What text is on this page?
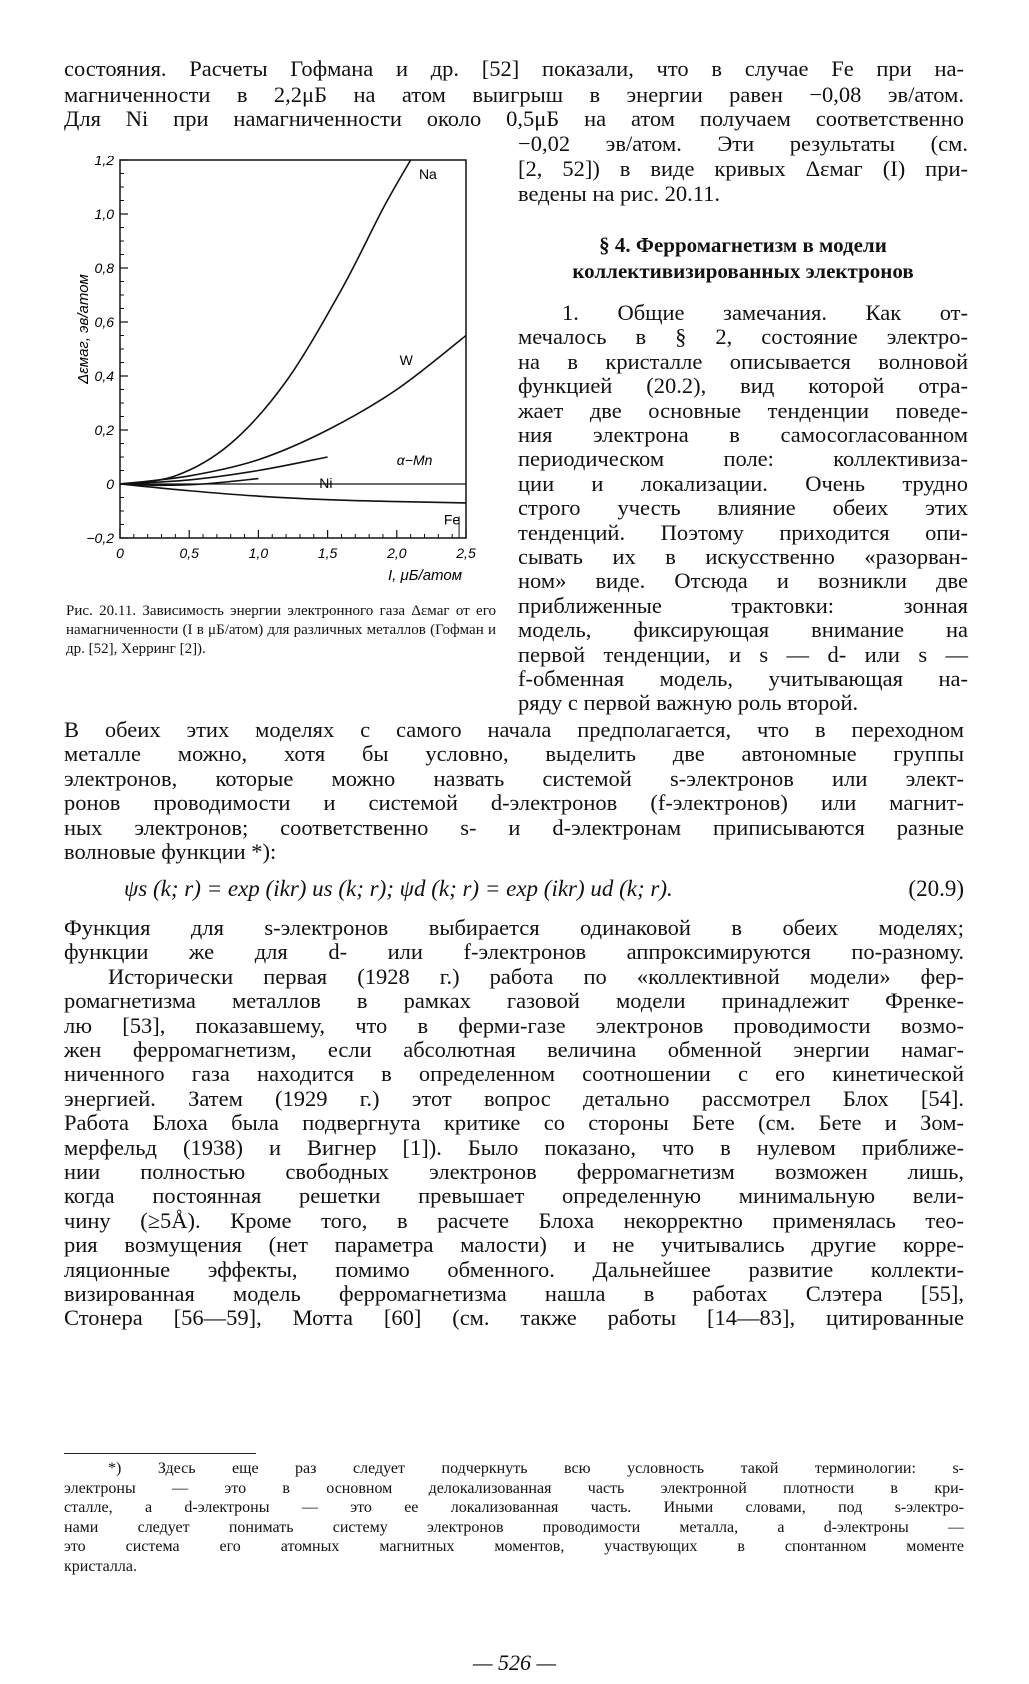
состояния. Расчеты Гофмана и др. [52] показали, что в случае Fe при на-
магниченности в 2,2μБ на атом выигрыш в энергии равен −0,08 эв/атом.
Для Ni при намагниченности около 0,5μБ на атом получаем соответственно
−0,02 эв/атом. Эти результаты (см.
[2, 52]) в виде кривых Δεмаг (I) при-
ведены на рис. 20.11.
§ 4. Ферромагнетизм в модели
коллективизированных электронов
1. Общие замечания. Как от-
мечалось в § 2, состояние электро-
на в кристалле описывается волновой
функцией (20.2), вид которой отра-
жает две основные тенденции поведе-
ния электрона в самосогласованном
периодическом поле: коллективиза-
ции и локализации. Очень трудно
строго учесть влияние обеих этих
тенденций. Поэтому приходится опи-
сывать их в искусственно «разорван-
ном» виде. Отсюда и возникли две
приближенные трактовки: зонная
модель, фиксирующая внимание на
первой тенденции, и s — d- или s —
f-обменная модель, учитывающая на-
ряду с первой важную роль второй.
−0,2
0
0,2
0,4
0,6
0,8
1,0
1,2
0	0,5	1,0	1,5	2,0	2,5
I, μБ/атом
Δεмаг, эв/атом
Na
W
α−Mn
Ni
Fe
Рис. 20.11. Зависимость энергии электронного газа Δεмаг от его намагниченности (I в μБ/атом) для различных металлов (Гофман и др. [52], Херринг [2]).
В обеих этих моделях с самого начала предполагается, что в переходном
металле можно, хотя бы условно, выделить две автономные группы
электронов, которые можно назвать системой s-электронов или элект-
ронов проводимости и системой d-электронов (f-электронов) или магнит-
ных электронов; соответственно s- и d-электронам приписываются разные
волновые функции *):
ψs (k; r) = exp (ikr) us (k; r); ψd (k; r) = exp (ikr) ud (k; r).	(20.9)
Функция для s-электронов выбирается одинаковой в обеих моделях;
функции же для d- или f-электронов аппроксимируются по-разному.
Исторически первая (1928 г.) работа по «коллективной модели» фер-
ромагнетизма металлов в рамках газовой модели принадлежит Френке-
лю [53], показавшему, что в ферми-газе электронов проводимости возмо-
жен ферромагнетизм, если абсолютная величина обменной энергии намаг-
ниченного газа находится в определенном соотношении с его кинетической
энергией. Затем (1929 г.) этот вопрос детально рассмотрел Блох [54].
Работа Блоха была подвергнута критике со стороны Бете (см. Бете и Зом-
мерфельд (1938) и Вигнер [1]). Было показано, что в нулевом приближе-
нии полностью свободных электронов ферромагнетизм возможен лишь,
когда постоянная решетки превышает определенную минимальную вели-
чину (≥5Å). Кроме того, в расчете Блоха некорректно применялась тео-
рия возмущения (нет параметра малости) и не учитывались другие корре-
ляционные эффекты, помимо обменного. Дальнейшее развитие коллекти-
визированная модель ферромагнетизма нашла в работах Слэтера [55],
Стонера [56—59], Мотта [60] (см. также работы [14—83], цитированные
*) Здесь еще раз следует подчеркнуть всю условность такой терминологии: s-
электроны — это в основном делокализованная часть электронной плотности в кри-
сталле, а d-электроны — это ее локализованная часть. Иными словами, под s-электро-
нами следует понимать систему электронов проводимости металла, а d-электроны —
это система его атомных магнитных моментов, участвующих в спонтанном моменте
кристалла.
— 526 —
